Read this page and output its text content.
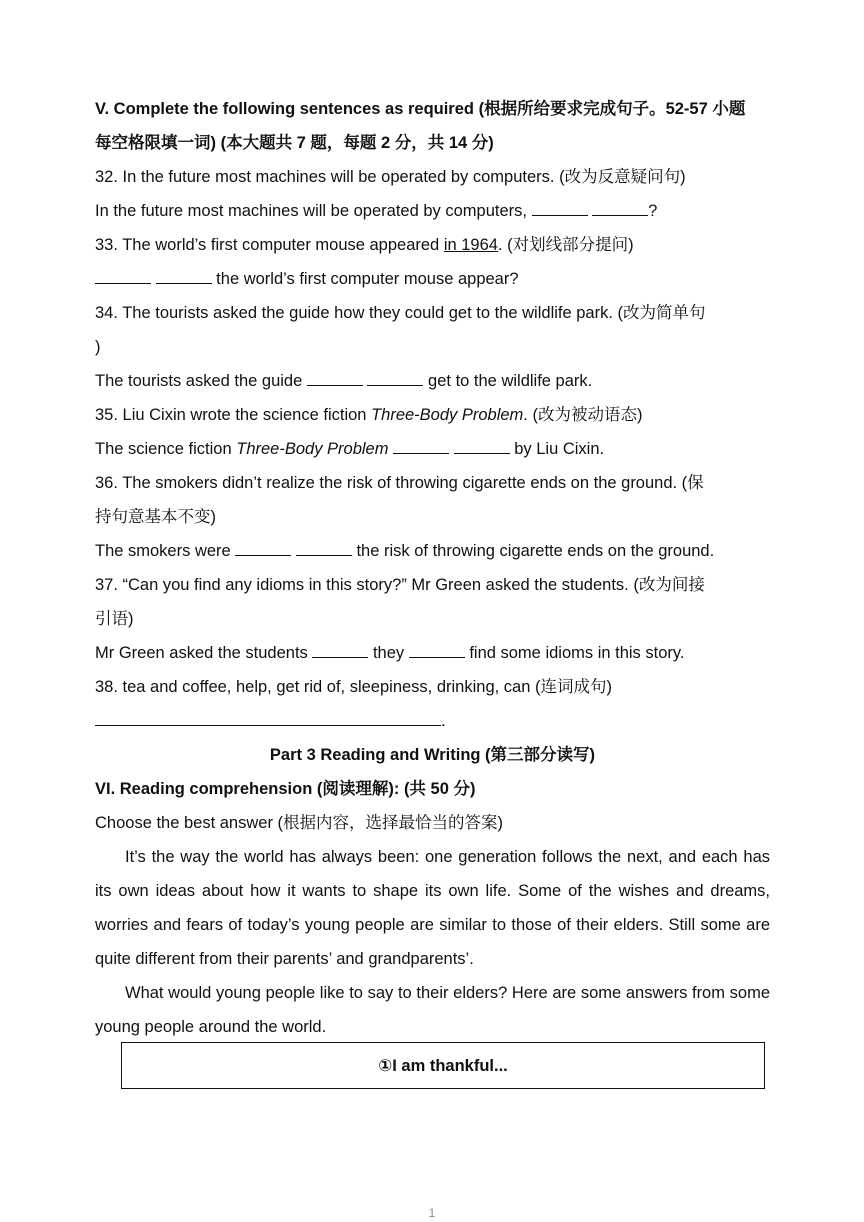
V. Complete the following sentences as required (根据所给要求完成句子。52-57 小题
每空格限填一词) (本大题共 7 题，每题 2 分，共 14 分)
32. In the future most machines will be operated by computers. (改为反意疑问句)
In the future most machines will be operated by computers,	?
33. The world’s first computer mouse appeared in 1964. (对划线部分提问)
the world’s first computer mouse appear?
34. The tourists asked the guide how they could get to the wildlife park. (改为简单句
)
The tourists asked the guide	get to the wildlife park.
35. Liu Cixin wrote the science fiction Three-Body Problem. (改为被动语态)
The science fiction Three-Body Problem	by Liu Cixin.
36. The smokers didn’t realize the risk of throwing cigarette ends on the ground. (保
持句意基本不变)
The smokers were	the risk of throwing cigarette ends on the ground.
37. “Can you find any idioms in this story?” Mr Green asked the students. (改为间接
引语)
Mr Green asked the students	they	find some idioms in this story.
38. tea and coffee, help, get rid of, sleepiness, drinking, can (连词成句)
.
Part 3 Reading and Writing (第三部分读写)
VI. Reading comprehension (阅读理解): (共 50 分)
Choose the best answer (根据内容，选择最恰当的答案)
It’s the way the world has always been: one generation follows the next, and each has its own ideas about how it wants to shape its own life. Some of the wishes and dreams, worries and fears of today’s young people are similar to those of their elders. Still some are quite different from their parents’ and grandparents’.
What would young people like to say to their elders? Here are some answers from some young people around the world.
①I am thankful...
1
